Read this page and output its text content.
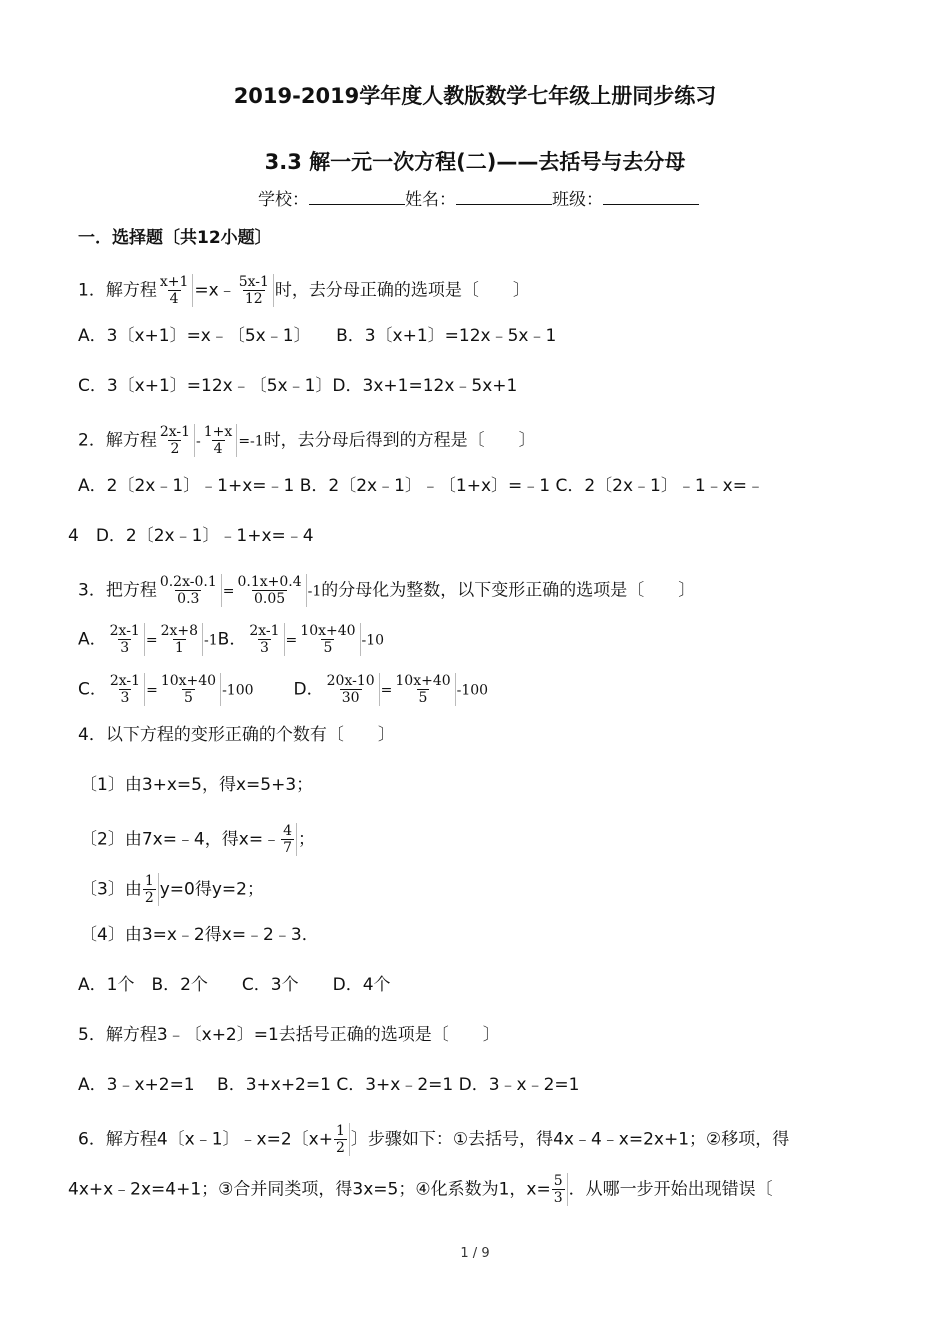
2019-2019学年度人教版数学七年级上册同步练习
3.3 解一元一次方程(二)——去括号与去分母
学校：	姓名：	班级：
一．选择题〔共12小题〕
1．解方程 $\frac{x+1}{4}$ =x﹣ $\frac{5x-1}{12}$ 时，去分母正确的选项是〔　　〕
A．3〔x+1〕=x﹣〔5x﹣1〕　　B．3〔x+1〕=12x﹣5x﹣1
C．3〔x+1〕=12x﹣〔5x﹣1〕D．3x+1=12x﹣5x+1
2．解方程 $\frac{2x-1}{2} - \frac{1+x}{4} =-1$时，去分母后得到的方程是〔　　〕
A．2〔2x﹣1〕﹣1+x=﹣1 B．2〔2x﹣1〕﹣〔1+x〕=﹣1 C．2〔2x﹣1〕﹣1﹣x=﹣
4　D．2〔2x﹣1〕﹣1+x=﹣4
3．把方程 $\frac{0.2x-0.1}{0.3} = \frac{0.1x+0.4}{0.05} -1$的分母化为整数，以下变形正确的选项是〔　　〕
A． $\frac{2x-1}{3} = \frac{2x+8}{1} -1B$． $\frac{2x-1}{3} = \frac{10x+40}{5} -10$
C． $\frac{2x-1}{3} = \frac{10x+40}{5} -100$ D． $\frac{20x-10}{30} = \frac{10x+40}{5} -100$
4．以下方程的变形正确的个数有〔　　〕
〔1〕由3+x=5，得x=5+3；
〔2〕由7x=﹣4，得x=﹣ $\frac{4}{7}$ ；
〔3〕由 $\frac{1}{2} y=0$得y=2；
〔4〕由3=x﹣2得x=﹣2﹣3．
A．1个　B．2个　　C．3个　　D．4个
5．解方程3﹣〔x+2〕=1去括号正确的选项是〔　　〕
A．3﹣x+2=1　 B．3+x+2=1 C．3+x﹣2=1 D．3﹣x﹣2=1
6．解方程4〔x﹣1〕﹣x=2〔$x+ \frac{1}{2}$ 〕步骤如下：①去括号，得4x﹣4﹣x=2x+1；②移项，得
4x+x﹣2x=4+1；③合并同类项，得3x=5；④化系数为1，$x= \frac{5}{3}$ ．从哪一步开始出现错误〔
1 / 9
